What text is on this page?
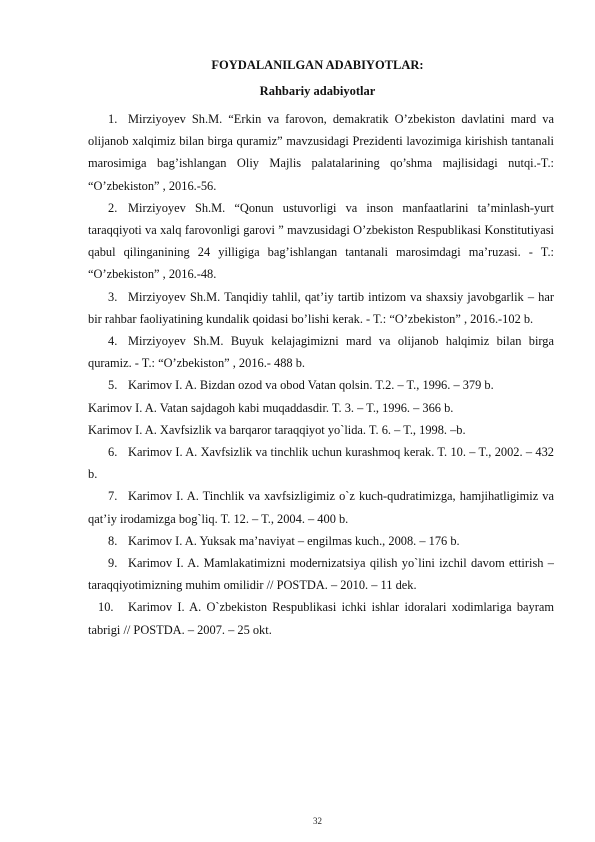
FOYDALANILGAN ADABIYOTLAR:
Rahbariy adabiyotlar

1. Mirziyoyev Sh.M. “Erkin va farovon, demakratik O’zbekiston davlatini mard va olijanob xalqimiz bilan birga quramiz” mavzusidagi Prezidenti lavozimiga kirishish tantanali marosimiga bag’ishlangan Oliy Majlis palatalarining qo’shma majlisidagi nutqi.-T.: “O’zbekiston” , 2016.-56.

2. Mirziyoyev Sh.M. “Qonun ustuvorligi va inson manfaatlarini ta’minlash-yurt taraqqiyoti va xalq farovonligi garovi ” mavzusidagi O’zbekiston Respublikasi Konstitutiyasi qabul qilinganining 24 yilligiga bag’ishlangan tantanali marosimdagi ma’ruzasi. - T.: “O’zbekiston” , 2016.-48.

3. Mirziyoyev Sh.M. Tanqidiy tahlil, qat’iy tartib intizom va shaxsiy javobgarlik – har bir rahbar faoliyatining kundalik qoidasi bo’lishi kerak. - T.: “O’zbekiston” , 2016.-102 b.

4. Mirziyoyev Sh.M. Buyuk kelajagimizni mard va olijanob halqimiz bilan birga quramiz. - T.: “O’zbekiston” , 2016.- 488 b.

5. Karimov I. A. Bizdan ozod va obod Vatan qolsin. T.2. – T., 1996. – 379 b.

Karimov I. A. Vatan sajdagoh kabi muqaddasdir. T. 3. – T., 1996. – 366 b.

Karimov I. A. Xavfsizlik va barqaror taraqqiyot yo`lida. T. 6. – T., 1998. –b.

6. Karimov I. A. Xavfsizlik va tinchlik uchun kurashmoq kerak. T. 10. – T., 2002. – 432 b.

7. Karimov I. A. Tinchlik va xavfsizligimiz o`z kuch-qudratimizga, hamjihatligimiz va qat’iy irodamizga bog`liq. T. 12. – T., 2004. – 400 b.

8. Karimov I. A. Yuksak ma’naviyat – engilmas kuch., 2008. – 176 b.

9. Karimov I. A. Mamlakatimizni modernizatsiya qilish yo`lini izchil davom ettirish – taraqqiyotimizning muhim omilidir // POSTDA. – 2010. – 11 dek.

10. Karimov I. A. O`zbekiston Respublikasi ichki ishlar idoralari xodimlariga bayram tabrigi // POSTDA. – 2007. – 25 okt.

32
